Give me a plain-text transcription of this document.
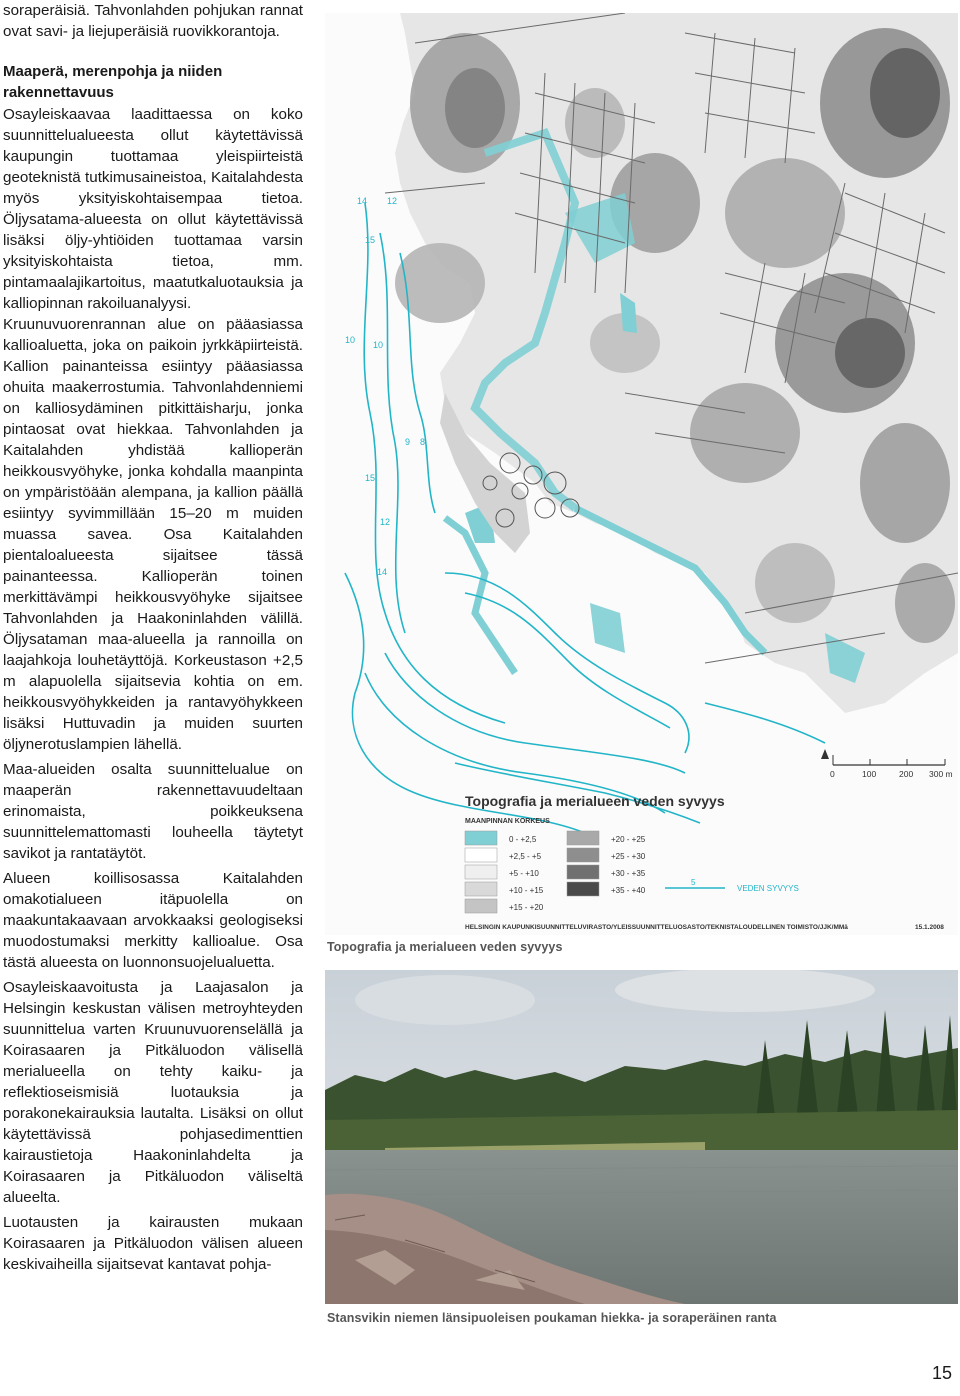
soraperäisiä. Tahvonlahden pohjukan rannat ovat savi- ja liejuperäisiä ruovikkorantoja.

Maaperä, merenpohja ja niiden rakennettavuus

Osayleiskaavaa laadittaessa on koko suunnittelualueesta ollut käytettävissä kaupungin tuottamaa yleispiirteistä geoteknistä tutkimusaineistoa, Kaitalahdesta myös yksityiskohtaisempaa tietoa. Öljysatama-alueesta on ollut käytettävissä lisäksi öljy-yhtiöiden tuottamaa varsin yksityiskohtaista tietoa, mm. pintamaalajikartoitus, maatutkaluotauksia ja kalliopinnan rakoiluanalyysi.

Kruunuvuorenrannan alue on pääasiassa kallioaluetta, joka on paikoin jyrkkäpiirteistä. Kallion painanteissa esiintyy pääasiassa ohuita maakerrostumia. Tahvonlahdenniemi on kalliosydäminen pitkittäisharju, jonka pintaosat ovat hiekkaa. Tahvonlahden ja Kaitalahden yhdistää kallioperän heikkousvyöhyke, jonka kohdalla maanpinta on ympäristöään alempana, ja kallion päällä esiintyy syvimmillään 15–20 m muiden muassa savea. Osa Kaitalahden pientaloalueesta sijaitsee tässä painanteessa. Kallioperän toinen merkittävämpi heikkousvyöhyke sijaitsee Tahvonlahden ja Haakoninlahden välillä. Öljysataman maa-alueella ja rannoilla on laajahkoja louhetäyttöjä. Korkeustason +2,5 m alapuolella sijaitsevia kohtia on em. heikkousvyöhykkeiden ja rantavyöhykkeen lisäksi Huttuvadin ja muiden suurten öljynerotuslampien lähellä.

Maa-alueiden osalta suunnittelualue on maaperän rakennettavuudeltaan erinomaista, poikkeuksena suunnittelemattomasti louheella täytetyt savikot ja rantatäytöt.

Alueen koillisosassa Kaitalahden omakotialueen itäpuolella on maakuntakaavaan arvokkaaksi geologiseksi muodostumaksi merkitty kallioalue. Osa tästä alueesta on luonnonsuojelualuetta.

Osayleiskaavoitusta ja Laajasalon ja Helsingin keskustan välisen metroyhteyden suunnittelua varten Kruunuvuorenselällä ja Koirasaaren ja Pitkäluodon välisellä merialueella on tehty kaiku- ja reflektioseismisiä luotauksia ja porakonekairauksia lautalta. Lisäksi on ollut käytettävissä pohjasedimenttien kairaustietoja Haakoninlahdelta ja Koirasaaren ja Pitkäluodon väliseltä alueelta.

Luotausten ja kairausten mukaan Koirasaaren ja Pitkäluodon välisen alueen keskivaiheilla sijaitsevat kantavat pohja-

14 12
15
10 10
9 8
15
12
14
0	100	200 300 m
Topografia ja merialueen veden syvyys
MAANPINNAN KORKEUS
0 - +2,5
+2,5 - +5
+5 - +10
+10 - +15
+15 - +20
+20 - +25
+25 - +30
+30 - +35
+35 - +40
5
VEDEN SYVYYS
HELSINGIN KAUPUNKISUUNNITTELUVIRASTO/YLEISSUUNNITTELUOSASTO/TEKNISTALOUDELLINEN TOIMISTO/JJK/MMä	15.1.2008
Topografia ja merialueen veden syvyys
Stansvikin niemen länsipuoleisen poukaman hiekka- ja soraperäinen ranta
15
